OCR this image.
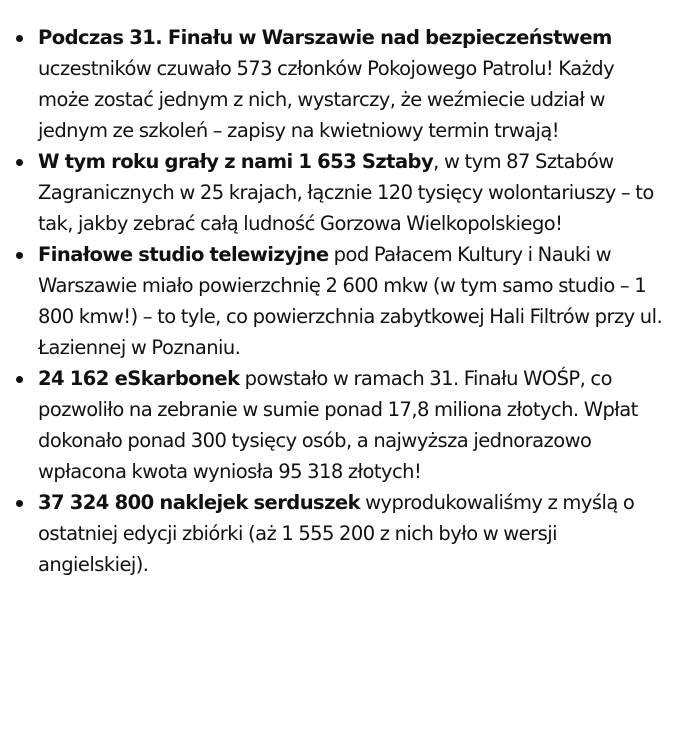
Podczas 31. Finału w Warszawie nad bezpieczeństwem uczestników czuwało 573 członków Pokojowego Patrolu! Każdy może zostać jednym z nich, wystarczy, że weźmiecie udział w jednym ze szkoleń – zapisy na kwietniowy termin trwają!
W tym roku grały z nami 1 653 Sztaby, w tym 87 Sztabów Zagranicznych w 25 krajach, łącznie 120 tysięcy wolontariuszy – to tak, jakby zebrać całą ludność Gorzowa Wielkopolskiego!
Finałowe studio telewizyjne pod Pałacem Kultury i Nauki w Warszawie miało powierzchnię 2 600 mkw (w tym samo studio – 1 800 kmw!) – to tyle, co powierzchnia zabytkowej Hali Filtrów przy ul. Łaziennej w Poznaniu.
24 162 eSkarbonek powstało w ramach 31. Finału WOŚP, co pozwoliło na zebranie w sumie ponad 17,8 miliona złotych. Wpłat dokonało ponad 300 tysięcy osób, a najwyższa jednorazowo wpłacona kwota wyniosła 95 318 złotych!
37 324 800 naklejek serduszek wyprodukowaliśmy z myślą o ostatniej edycji zbiórki (aż 1 555 200 z nich było w wersji angielskiej).
